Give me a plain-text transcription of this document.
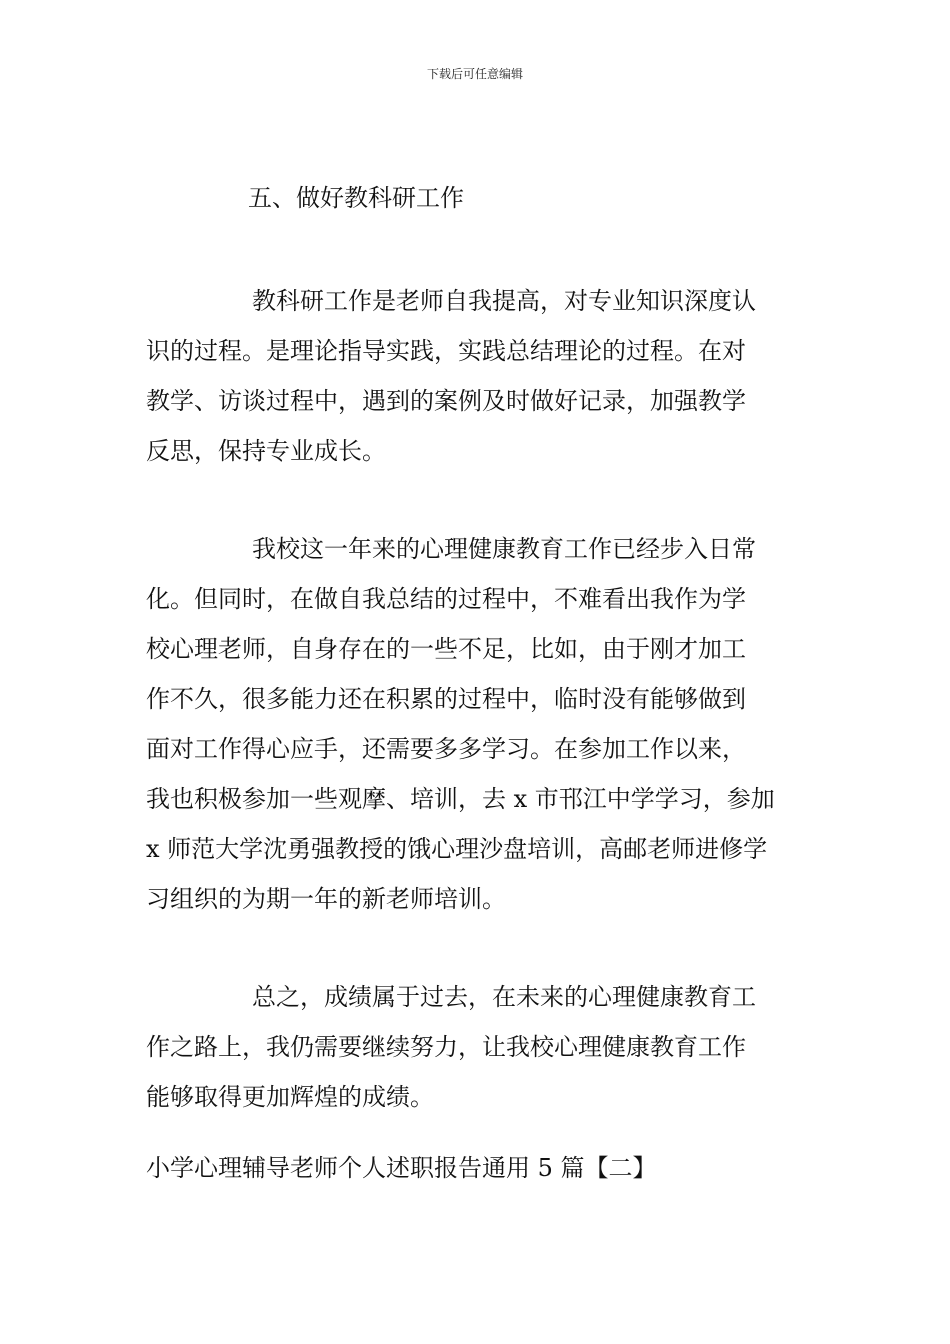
下载后可任意编辑
五、做好教科研工作

教科研工作是老师自我提高，对专业知识深度认
识的过程。是理论指导实践，实践总结理论的过程。在对
教学、访谈过程中，遇到的案例及时做好记录，加强教学
反思，保持专业成长。

我校这一年来的心理健康教育工作已经步入日常
化。但同时，在做自我总结的过程中，不难看出我作为学
校心理老师，自身存在的一些不足，比如，由于刚才加工
作不久，很多能力还在积累的过程中，临时没有能够做到
面对工作得心应手，还需要多多学习。在参加工作以来，
我也积极参加一些观摩、培训，去 x 市邗江中学学习，参加
x 师范大学沈勇强教授的饿心理沙盘培训，高邮老师进修学
习组织的为期一年的新老师培训。

总之，成绩属于过去，在未来的心理健康教育工
作之路上，我仍需要继续努力，让我校心理健康教育工作
能够取得更加辉煌的成绩。

小学心理辅导老师个人述职报告通用 5 篇【二】
